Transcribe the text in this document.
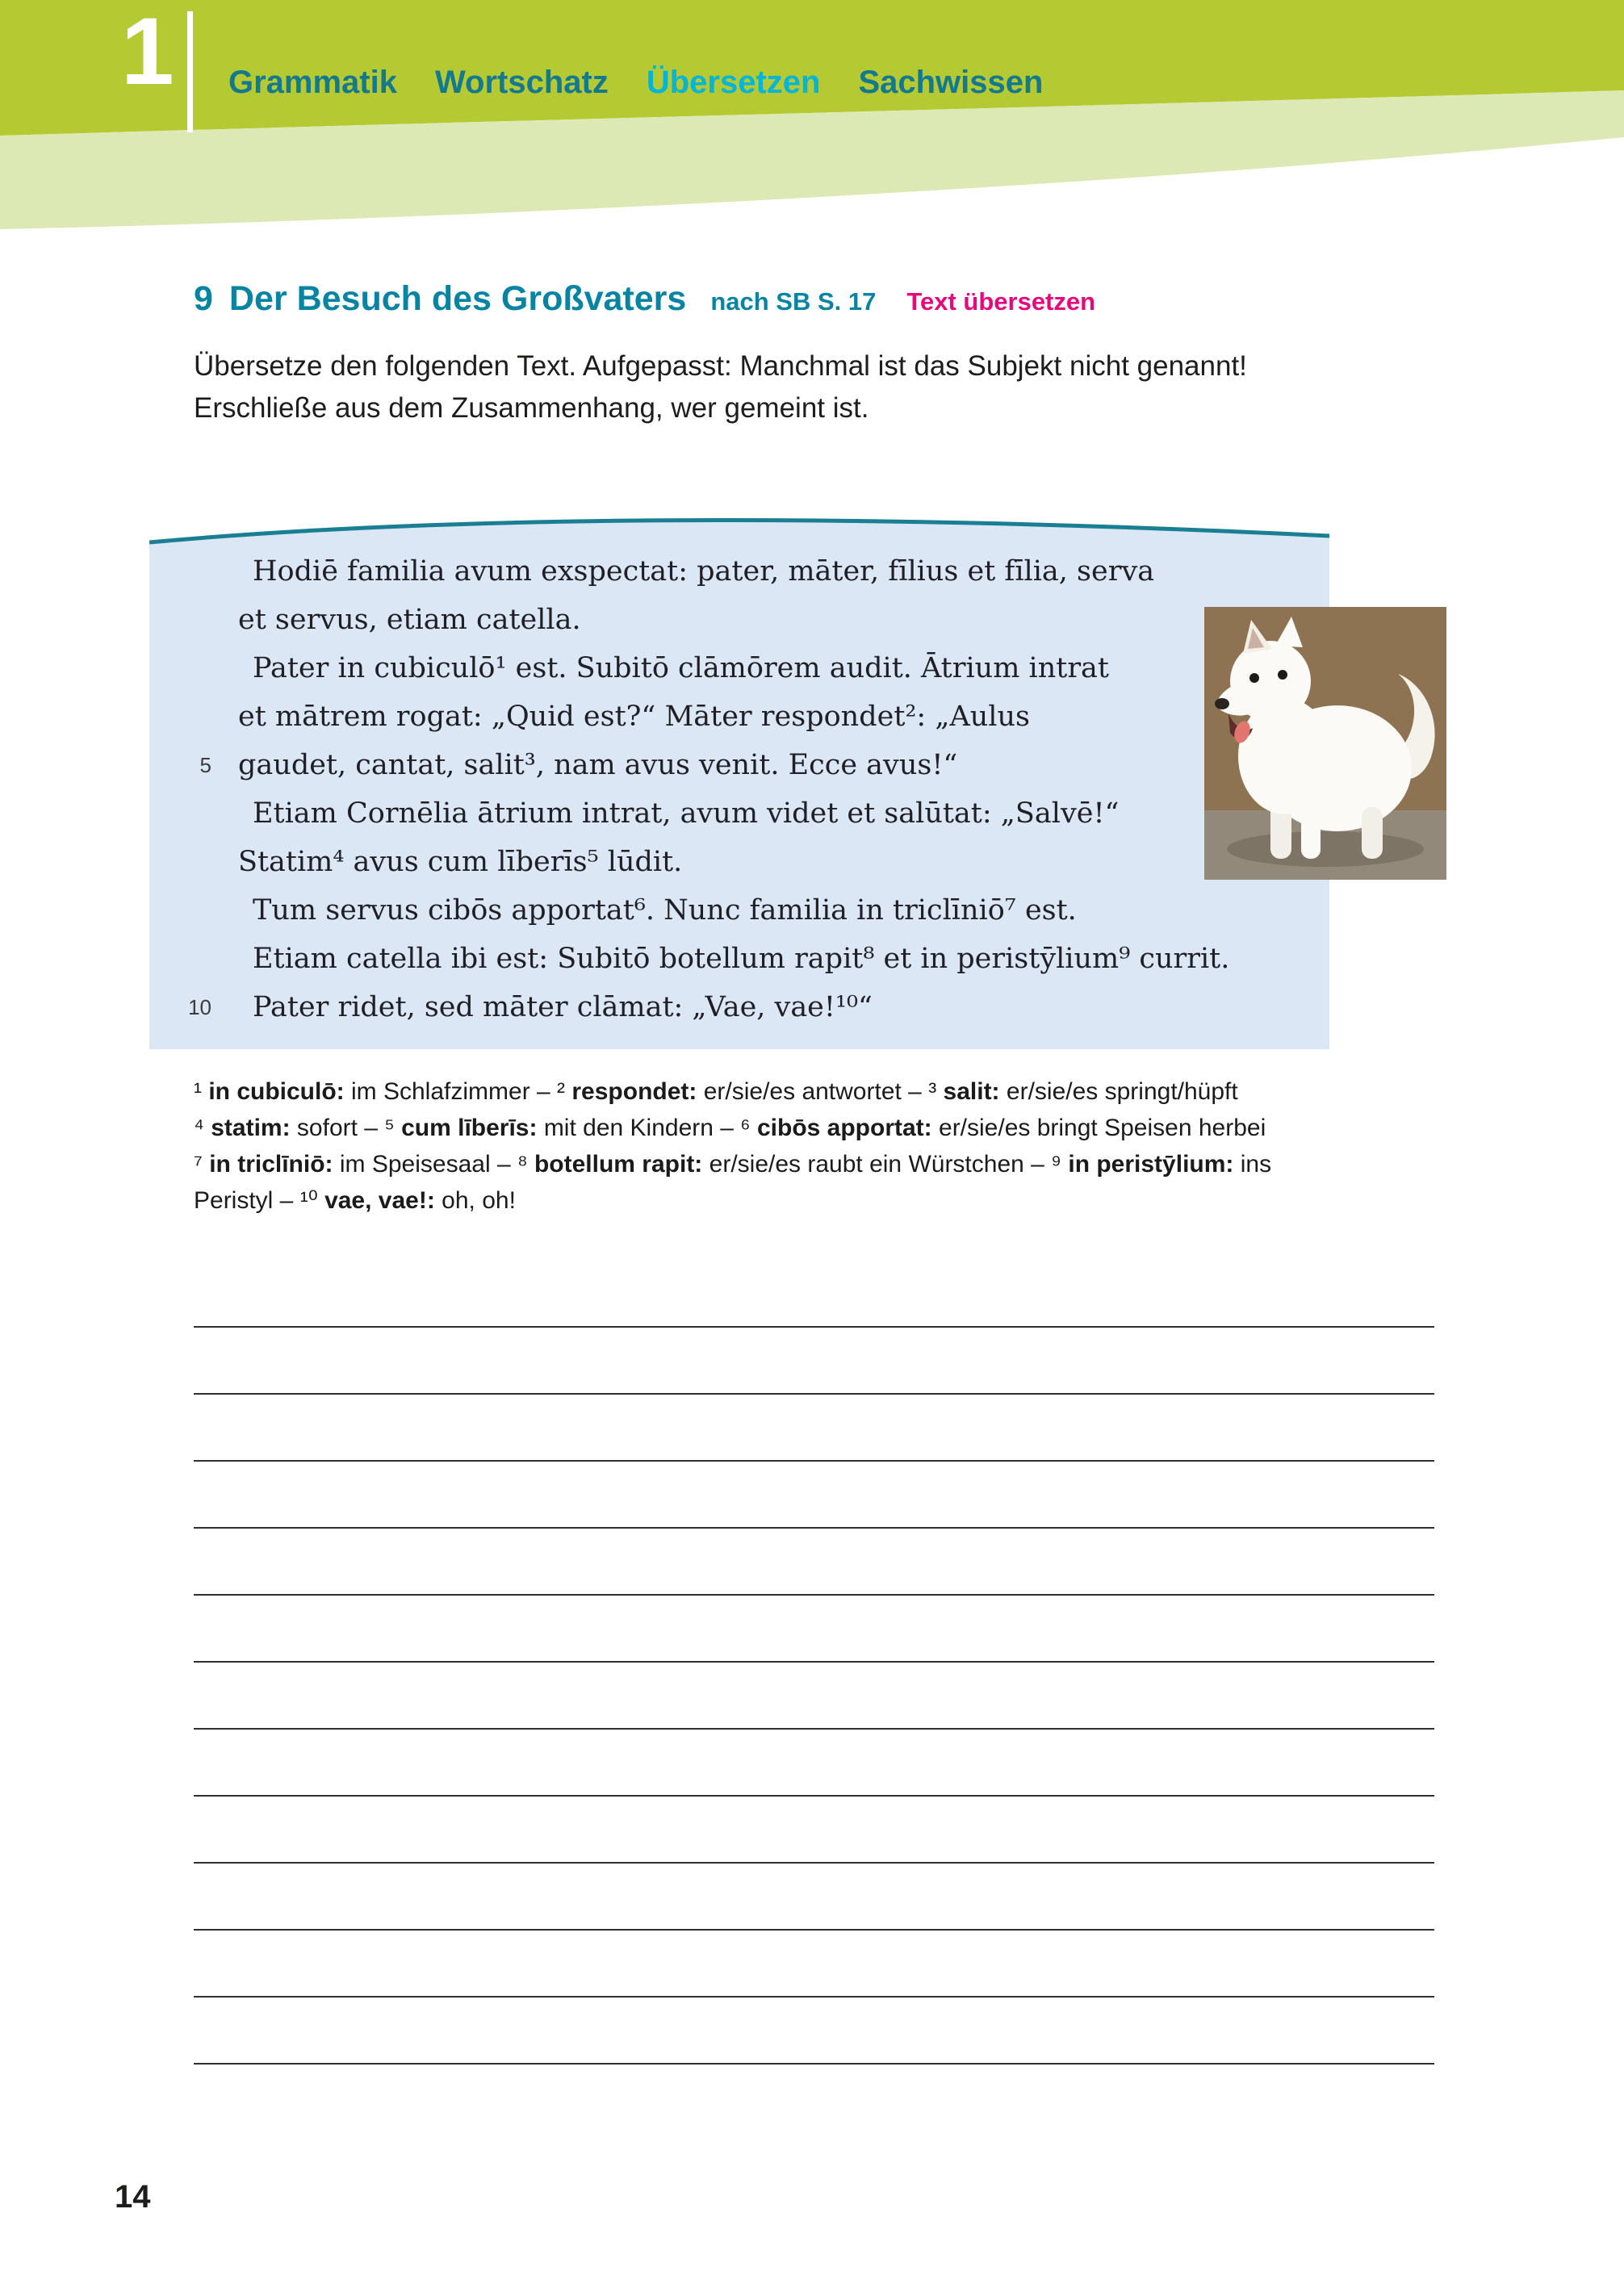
1 Grammatik Wortschatz Übersetzen Sachwissen
9 Der Besuch des Großvaters nach SB S. 17 Text übersetzen
Übersetze den folgenden Text. Aufgepasst: Manchmal ist das Subjekt nicht genannt!
Erschließe aus dem Zusammenhang, wer gemeint ist.
Hodiē familia avum exspectat: pater, māter, fīlius et fīlia, serva
et servus, etiam catella.
Pater in cubiculō¹ est. Subitō clāmōrem audit. Ātrium intrat
et mātrem rogat: „Quid est?“ Māter respondet²: „Aulus
gaudet, cantat, salit³, nam avus venit. Ecce avus!“
Etiam Cornēlia ātrium intrat, avum videt et salūtat: „Salvē!“
Statim⁴ avus cum līberīs⁵ lūdit.
Tum servus cibōs apportat⁶. Nunc familia in triclīniō⁷ est.
Etiam catella ibi est: Subitō botellum rapit⁸ et in peristȳlium⁹ currit.
Pater ridet, sed māter clāmat: „Vae, vae!¹⁰“
5
10
¹ in cubiculō: im Schlafzimmer – ² respondet: er/sie/es antwortet – ³ salit: er/sie/es springt/hüpft
⁴ statim: sofort – ⁵ cum līberīs: mit den Kindern – ⁶ cibōs apportat: er/sie/es bringt Speisen herbei
⁷ in triclīniō: im Speisesaal – ⁸ botellum rapit: er/sie/es raubt ein Würstchen – ⁹ in peristȳlium: ins
Peristyl – ¹⁰ vae, vae!: oh, oh!
14
